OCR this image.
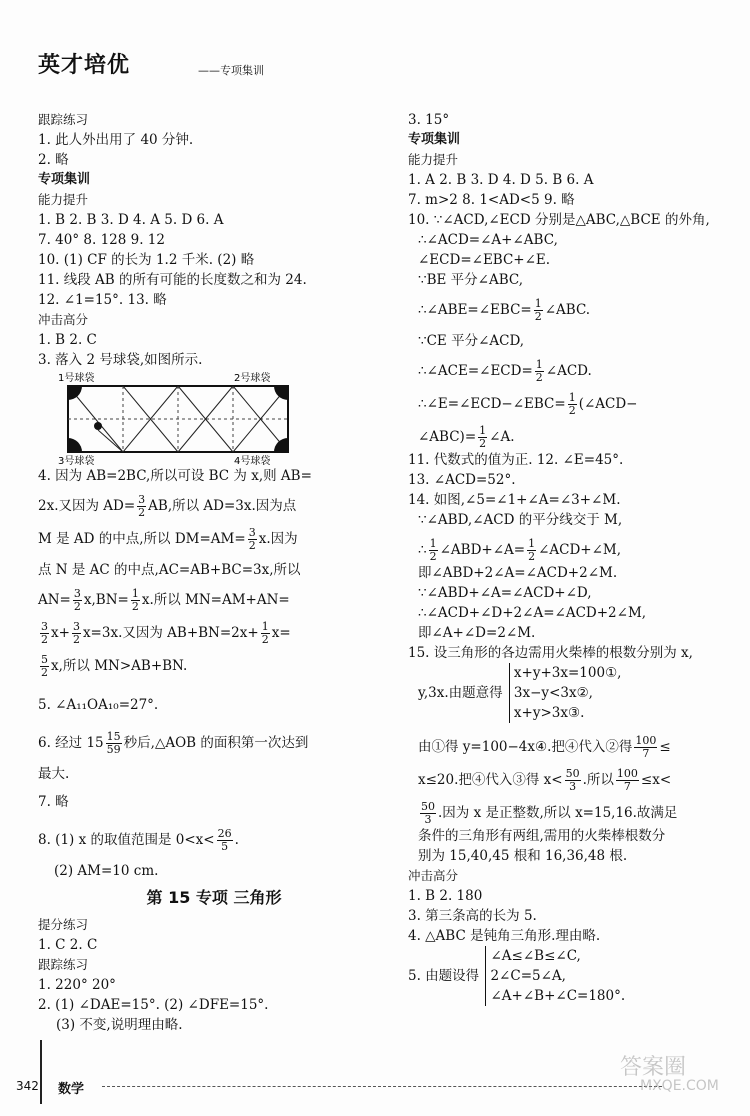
英才培优	——专项集训
跟踪练习
1. 此人外出用了 40 分钟.
2. 略
专项集训
能力提升
1. B 2. B 3. D 4. A 5. D 6. A
7. 40° 8. 128 9. 12
10. (1) CF 的长为 1.2 千米. (2) 略
11. 线段 AB 的所有可能的长度数之和为 24.
12. ∠1=15°. 13. 略
冲击高分
1. B 2. C
3. 落入 2 号球袋,如图所示.
1号球袋	2号球袋
3号球袋	4号球袋
4. 因为 AB=2BC,所以可设 BC 为 x,则 AB=
2x.又因为 $AD= \frac{3}{2}$ AB,所以 AD=3x.因为点
M 是 AD 的中点,所以 $DM=AM= \frac{3}{2} x$.因为
点 N 是 AC 的中点,AC=AB+BC=3x,所以
$AN= \frac{3}{2} x,BN= \frac{1}{2} x$.所以 MN=AM+AN=
$\frac{3}{2} x+ \frac{3}{2} x=3x$.又因为 $AB+BN=2x+ \frac{1}{2} x=$
$\frac{5}{2} x$,所以 MN>AB+BN.
5. ∠A₁₁OA₁₀=27°.
6. 经过 $15 \frac{15}{59}$ 秒后,△AOB 的面积第一次达到
最大.
7. 略
8. (1) x 的取值范围是 $0<x< \frac{26}{5}$ .
(2) AM=10 cm.
第 15 专项 三角形
提分练习
1. C 2. C
跟踪练习
1. 220° 20°
2. (1) ∠DAE=15°. (2) ∠DFE=15°.
(3) 不变,说明理由略.
3. 15°
专项集训
能力提升
1. A 2. B 3. D 4. D 5. B 6. A
7. m>2 8. 1<AD<5 9. 略
10. ∵∠ACD,∠ECD 分别是△ABC,△BCE 的外角,
∴∠ACD=∠A+∠ABC,
∠ECD=∠EBC+∠E.
∵BE 平分∠ABC,
∴∠ABE=∠EBC= $\frac{1}{2}$ ∠ABC.
∵CE 平分∠ACD,
∴∠ACE=∠ECD= $\frac{1}{2}$ ∠ACD.
∴∠E=∠ECD−∠EBC= $\frac{1}{2}$ (∠ACD−
∠ABC)= $\frac{1}{2}$ ∠A.
11. 代数式的值为正. 12. ∠E=45°.
13. ∠ACD=52°.
14. 如图,∠5=∠1+∠A=∠3+∠M.
∵∠ABD,∠ACD 的平分线交于 M,
∴ $\frac{1}{2}$ ∠ABD+∠A= $\frac{1}{2}$ ∠ACD+∠M,
即∠ABD+2∠A=∠ACD+2∠M.
∵∠ABD+∠A=∠ACD+∠D,
∴∠ACD+∠D+2∠A=∠ACD+2∠M,
即∠A+∠D=2∠M.
15. 设三角形的各边需用火柴棒的根数分别为 x,
y,3x.由题意得
x+y+3x=100①,
3x−y<3x②,
x+y>3x③.
由①得 y=100−4x④.把④代入②得 $\frac{100}{7}$ ≤
x≤20.把④代入③得 $x< \frac{50}{3}$ .所以 $\frac{100}{7} \le x<$
$\frac{50}{3}$ .因为 x 是正整数,所以 x=15,16.故满足
条件的三角形有两组,需用的火柴棒根数分
别为 15,40,45 根和 16,36,48 根.
冲击高分
1. B 2. 180
3. 第三条高的长为 5.
4. △ABC 是钝角三角形.理由略.
5. 由题设得
∠A≤∠B≤∠C,
2∠C=5∠A,
∠A+∠B+∠C=180°.
342 数学
答案圈
MXQE.COM
